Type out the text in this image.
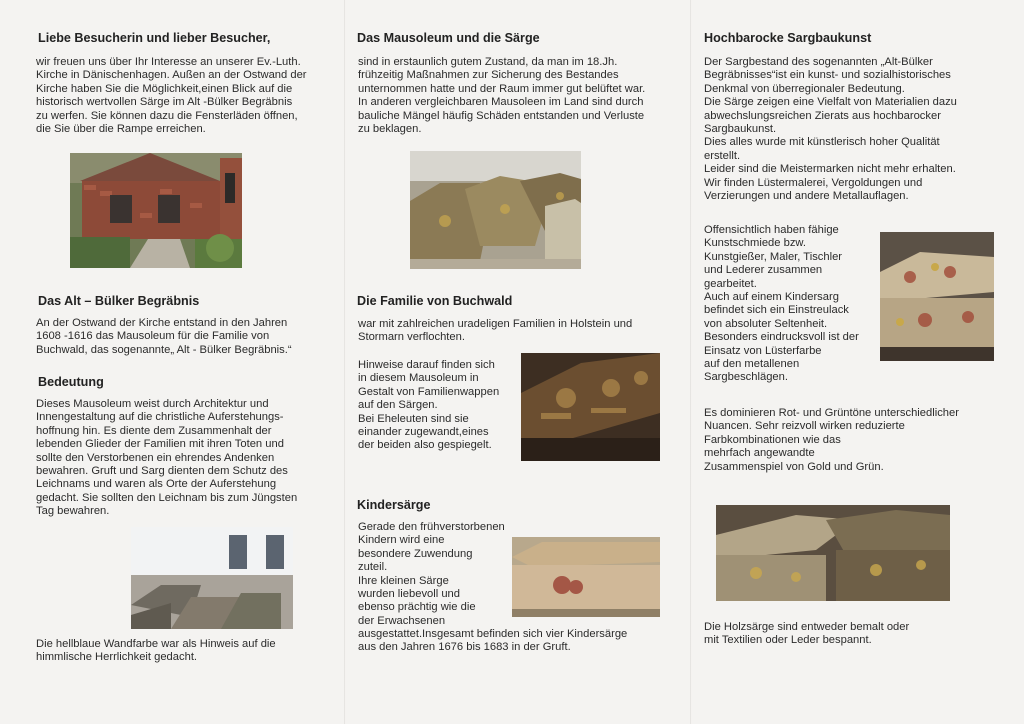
Liebe Besucherin und lieber Besucher,
wir freuen uns über Ihr Interesse an unserer Ev.-Luth.
Kirche in Dänischenhagen. Außen an der Ostwand der
Kirche haben Sie die Möglichkeit,einen Blick auf die
historisch wertvollen Särge im Alt -Bülker Begräbnis
zu werfen. Sie können dazu die Fensterläden öffnen,
die Sie über die Rampe erreichen.
Das Alt – Bülker Begräbnis
An der Ostwand der Kirche entstand in den Jahren
1608 -1616 das Mausoleum für die Familie von
Buchwald, das sogenannte„ Alt - Bülker Begräbnis.“
Bedeutung
Dieses Mausoleum weist durch Architektur und
Innengestaltung auf die christliche Auferstehungs-
hoffnung hin. Es diente dem Zusammenhalt der
lebenden Glieder der Familien mit ihren Toten und
sollte den Verstorbenen ein ehrendes Andenken
bewahren. Gruft und Sarg dienten dem Schutz des
Leichnams und waren als Orte der Auferstehung
gedacht. Sie sollten den Leichnam bis zum Jüngsten
Tag bewahren.
Die hellblaue Wandfarbe war als Hinweis auf die
himmlische Herrlichkeit gedacht.
Das Mausoleum und die Särge
sind in erstaunlich gutem Zustand, da man im 18.Jh.
frühzeitig Maßnahmen zur Sicherung des Bestandes
unternommen hatte und der Raum immer gut belüftet war.
In anderen vergleichbaren Mausoleen im Land sind durch
bauliche Mängel häufig Schäden entstanden und Verluste
zu beklagen.
Die Familie von Buchwald
war mit zahlreichen uradeligen Familien in Holstein und
Stormarn verflochten.
Hinweise darauf finden sich
in diesem Mausoleum in
Gestalt von Familienwappen
auf den Särgen.
Bei Eheleuten sind sie
einander zugewandt,eines
der beiden also gespiegelt.
Kindersärge
Gerade den frühverstorbenen
Kindern wird eine
besondere Zuwendung
zuteil.
Ihre kleinen Särge
wurden liebevoll und
ebenso prächtig wie die
der Erwachsenen
ausgestattet.Insgesamt befinden sich vier Kindersärge
aus den Jahren 1676 bis 1683 in der Gruft.
Hochbarocke Sargbaukunst
Der Sargbestand des sogenannten „Alt-Bülker
Begräbnisses“ist ein kunst- und sozialhistorisches
Denkmal von überregionaler Bedeutung.
Die Särge zeigen eine Vielfalt von Materialien dazu
abwechslungsreichen Zierats aus hochbarocker
Sargbaukunst.
Dies alles wurde mit künstlerisch hoher Qualität
erstellt.
Leider sind die Meistermarken nicht mehr erhalten.
Wir finden Lüstermalerei, Vergoldungen und
Verzierungen und andere Metallauflagen.
Offensichtlich haben fähige
Kunstschmiede bzw.
Kunstgießer, Maler, Tischler
und Lederer zusammen
gearbeitet.
Auch auf einem Kindersarg
befindet sich ein Einstreulack
von absoluter Seltenheit.
Besonders eindrucksvoll ist der
Einsatz von Lüsterfarbe
auf den metallenen
Sargbeschlägen.
Es dominieren Rot- und Grüntöne unterschiedlicher
Nuancen. Sehr reizvoll wirken reduzierte
Farbkombinationen wie das
mehrfach angewandte
Zusammenspiel von Gold und Grün.
Die Holzsärge sind entweder bemalt oder
mit Textilien oder Leder bespannt.
